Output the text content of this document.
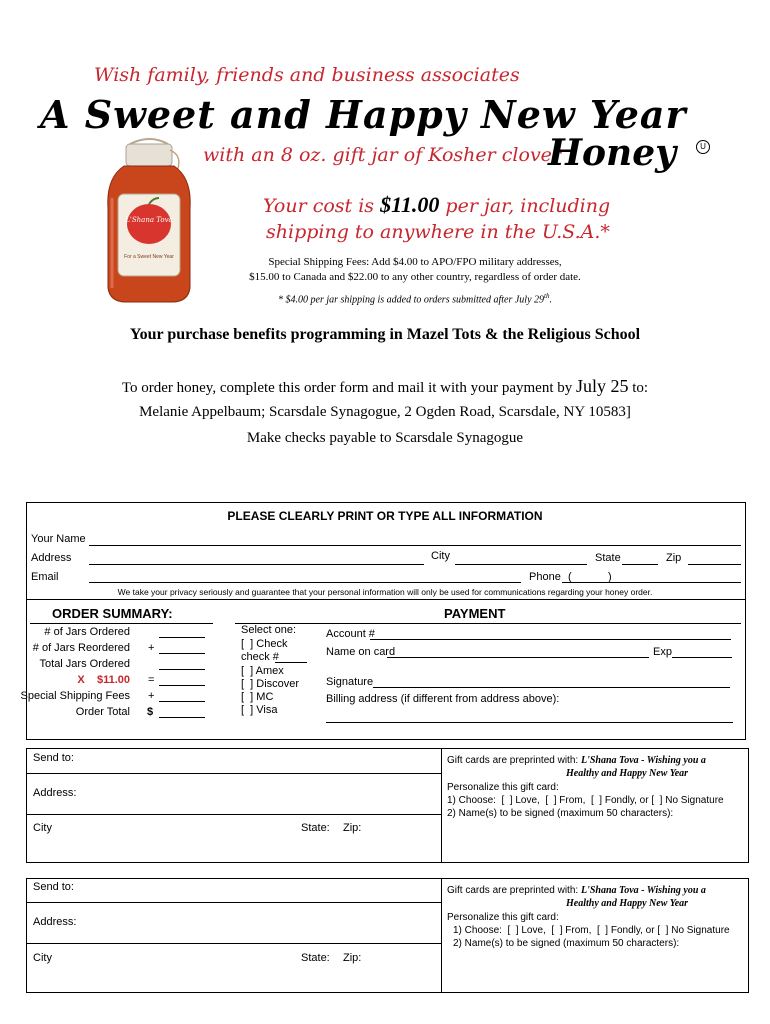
Wish family, friends and business associates
A Sweet and Happy New Year
with an 8 oz. gift jar of Kosher clover
Honey	U
Your cost is $11.00 per jar, including
shipping to anywhere in the U.S.A.*
Special Shipping Fees: Add $4.00 to APO/FPO military addresses,
$15.00 to Canada and $22.00 to any other country, regardless of order date.
* $4.00 per jar shipping is added to orders submitted after July 29th.
L'Shana Tova
For a Sweet New Year
Your purchase benefits programming in Mazel Tots & the Religious School
To order honey, complete this order form and mail it with your payment by July 25 to:
Melanie Appelbaum; Scarsdale Synagogue, 2 Ogden Road, Scarsdale, NY 10583]
Make checks payable to Scarsdale Synagogue
PLEASE CLEARLY PRINT OR TYPE ALL INFORMATION
Your Name
Address	City	State	Zip
Email	Phone (	)
We take your privacy seriously and guarantee that your personal information will only be used for communications regarding your honey order.
ORDER SUMMARY:
# of Jars Ordered
# of Jars Reordered +
Total Jars Ordered
X    $11.00 =
Special Shipping Fees +
Order Total $
PAYMENT
Select one:
[  ] Check
check #
[  ] Amex
[  ] Discover
[  ] MC
[  ] Visa
Account #
Name on card	Exp
Signature
Billing address (if different from address above):
Send to:
Address:
City	State: Zip:
Gift cards are preprinted with: L'Shana Tova - Wishing you a
Healthy and Happy New Year
Personalize this gift card:
1) Choose:  [  ] Love,  [  ] From,  [  ] Fondly, or [  ] No Signature
2) Name(s) to be signed (maximum 50 characters):
Send to:
Address:
City	State: Zip:
Gift cards are preprinted with: L'Shana Tova - Wishing you a
Healthy and Happy New Year
Personalize this gift card:
1) Choose:  [  ] Love,  [  ] From,  [  ] Fondly, or [  ] No Signature
2) Name(s) to be signed (maximum 50 characters):
